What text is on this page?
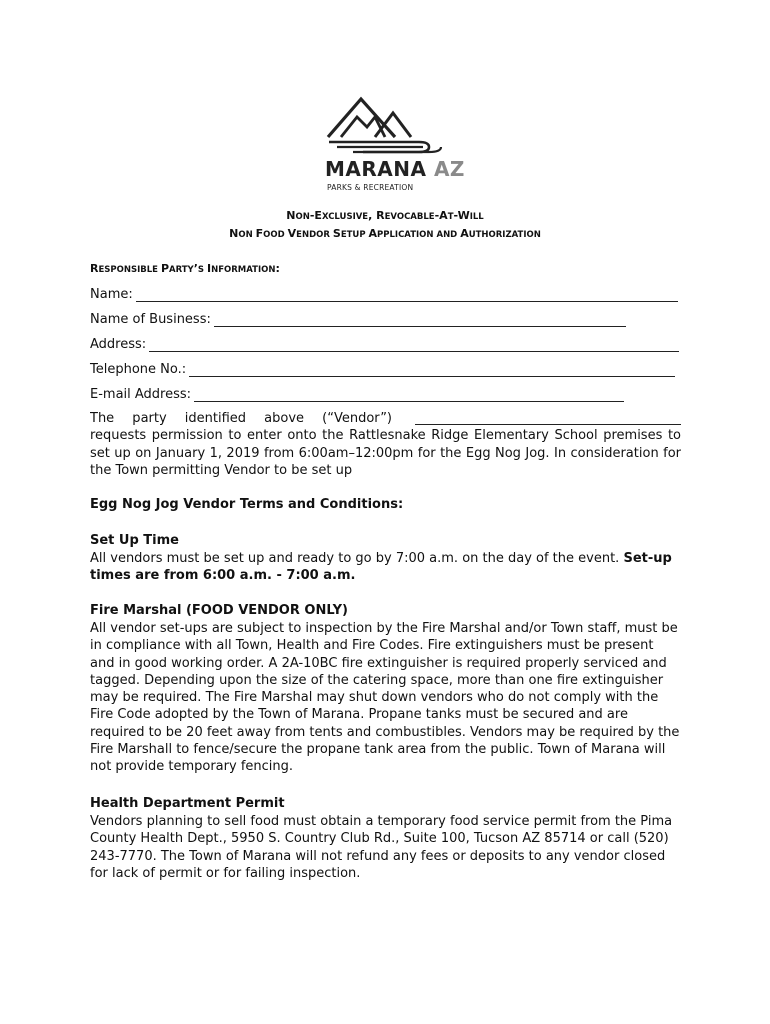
MARANA AZ
PARKS & RECREATION
NON-EXCLUSIVE, REVOCABLE-AT-WILL
NON FOOD VENDOR SETUP APPLICATION AND AUTHORIZATION
RESPONSIBLE PARTY’S INFORMATION:
Name:
Name of Business:
Address:
Telephone No.:
E-mail Address:
The party identified above (“Vendor”)
requests permission to enter onto the Rattlesnake Ridge Elementary School premises to set up on January 1, 2019 from 6:00am–12:00pm for the Egg Nog Jog. In consideration for the Town permitting Vendor to be set up
Egg Nog Jog Vendor Terms and Conditions:
Set Up Time
All vendors must be set up and ready to go by 7:00 a.m. on the day of the event. Set-up times are from 6:00 a.m. - 7:00 a.m.
Fire Marshal (FOOD VENDOR ONLY)
All vendor set-ups are subject to inspection by the Fire Marshal and/or Town staff, must be in compliance with all Town, Health and Fire Codes. Fire extinguishers must be present and in good working order. A 2A-10BC fire extinguisher is required properly serviced and tagged. Depending upon the size of the catering space, more than one fire extinguisher may be required. The Fire Marshal may shut down vendors who do not comply with the Fire Code adopted by the Town of Marana. Propane tanks must be secured and are required to be 20 feet away from tents and combustibles. Vendors may be required by the Fire Marshall to fence/secure the propane tank area from the public. Town of Marana will not provide temporary fencing.
Health Department Permit
Vendors planning to sell food must obtain a temporary food service permit from the Pima County Health Dept., 5950 S. Country Club Rd., Suite 100, Tucson AZ 85714 or call (520) 243-7770. The Town of Marana will not refund any fees or deposits to any vendor closed for lack of permit or for failing inspection.
